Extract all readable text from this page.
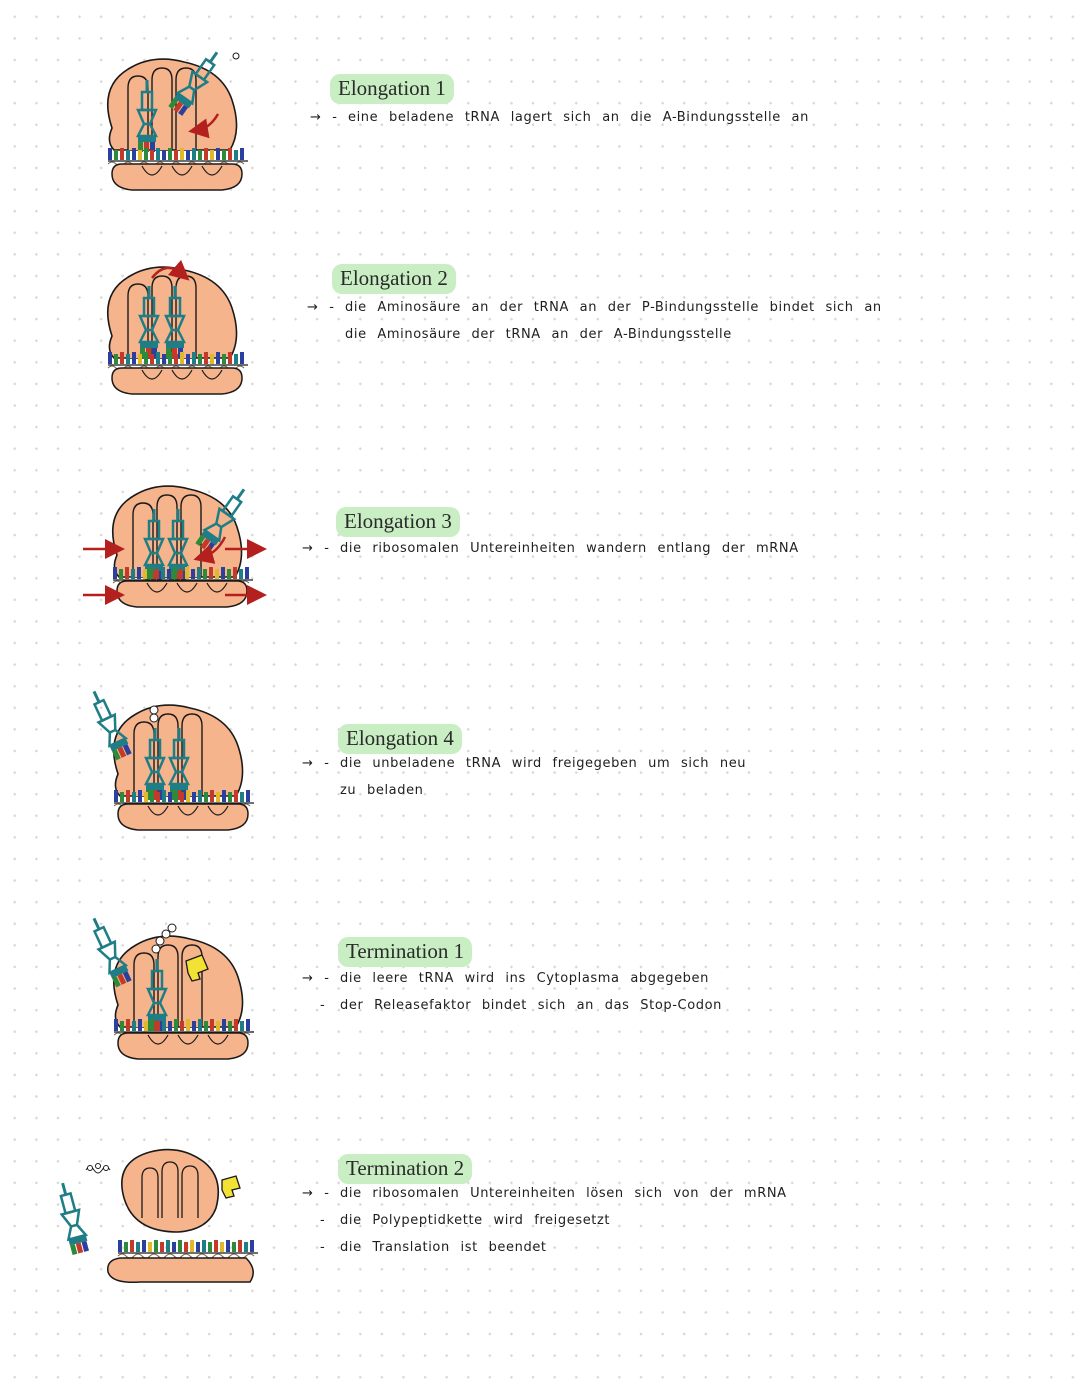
Elongation 1
→ - eine beladene tRNA lagert sich an die A-Bindungsstelle an
Elongation 2
→ - die Aminosäure an der tRNA an der P-Bindungsstelle bindet sich an
die Aminosäure der tRNA an der A-Bindungsstelle
Elongation 3
→ - die ribosomalen Untereinheiten wandern entlang der mRNA
Elongation 4
→ - die unbeladene tRNA wird freigegeben um sich neu
zu beladen
Termination 1
→ - die leere tRNA wird ins Cytoplasma abgegeben
- der Releasefaktor bindet sich an das Stop-Codon
Termination 2
→ - die ribosomalen Untereinheiten lösen sich von der mRNA
- die Polypeptidkette wird freigesetzt
- die Translation ist beendet
